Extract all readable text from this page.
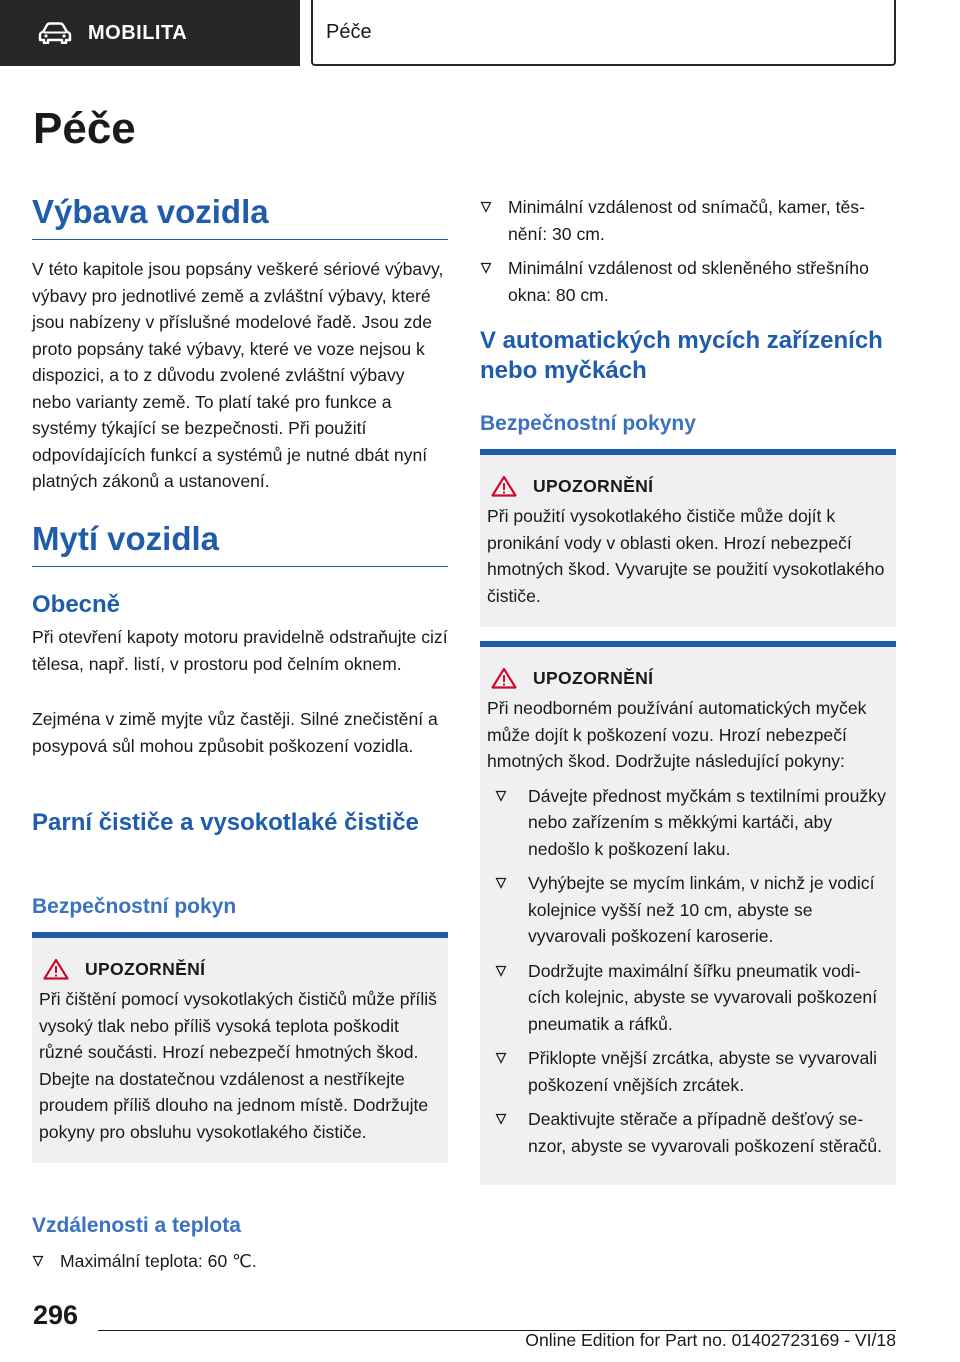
MOBILITA	Péče
Péče
Výbava vozidla
V této kapitole jsou popsány veškeré sériové výbavy, výbavy pro jednotlivé země a zvláštní výbavy, které jsou nabízeny v příslušné modelové řadě. Jsou zde proto popsány také výbavy, které ve voze nejsou k dispozici, a to z důvodu zvolené zvláštní výbavy nebo varianty země. To platí také pro funkce a systémy týkající se bezpečnosti. Při použití odpovídajících funkcí a systémů je nutné dbát nyní platných zákonů a ustanovení.
Mytí vozidla
Obecně
Při otevření kapoty motoru pravidelně odstraňujte cizí tělesa, např. listí, v prostoru pod čelním oknem.
Zejména v zimě myjte vůz častěji. Silné znečistění a posypová sůl mohou způsobit poškození vozidla.
Parní čističe a vysokotlaké čističe
Bezpečnostní pokyn
UPOZORNĚNÍ
Při čištění pomocí vysokotlakých čističů může příliš vysoký tlak nebo příliš vysoká teplota poškodit různé součásti. Hrozí nebezpečí hmotných škod. Dbejte na dostatečnou vzdálenost a nestříkejte proudem příliš dlouho na jednom místě. Dodržujte pokyny pro obsluhu vysokotlakého čističe.
Vzdálenosti a teplota
Maximální teplota: 60 ℃.
Minimální vzdálenost od snímačů, kamer, těsnění: 30 cm.
Minimální vzdálenost od skleněného střešního okna: 80 cm.
V automatických mycích zařízeních nebo myčkách
Bezpečnostní pokyny
UPOZORNĚNÍ
Při použití vysokotlakého čističe může dojít k pronikání vody v oblasti oken. Hrozí nebezpečí hmotných škod. Vyvarujte se použití vysokotlakého čističe.
UPOZORNĚNÍ
Při neodborném používání automatických myček může dojít k poškození vozu. Hrozí nebezpečí hmotných škod. Dodržujte následující pokyny:
Dávejte přednost myčkám s textilními proužky nebo zařízením s měkkými kartáči, aby nedošlo k poškození laku.
Vyhýbejte se mycím linkám, v nichž je vodicí kolejnice vyšší než 10 cm, abyste se vyvarovali poškození karoserie.
Dodržujte maximální šířku pneumatik vodicích kolejnic, abyste se vyvarovali poškození pneumatik a ráfků.
Přiklopte vnější zrcátka, abyste se vyvarovali poškození vnějších zrcátek.
Deaktivujte stěrače a případně dešťový senzor, abyste se vyvarovali poškození stěračů.
296
Online Edition for Part no. 01402723169 - VI/18
